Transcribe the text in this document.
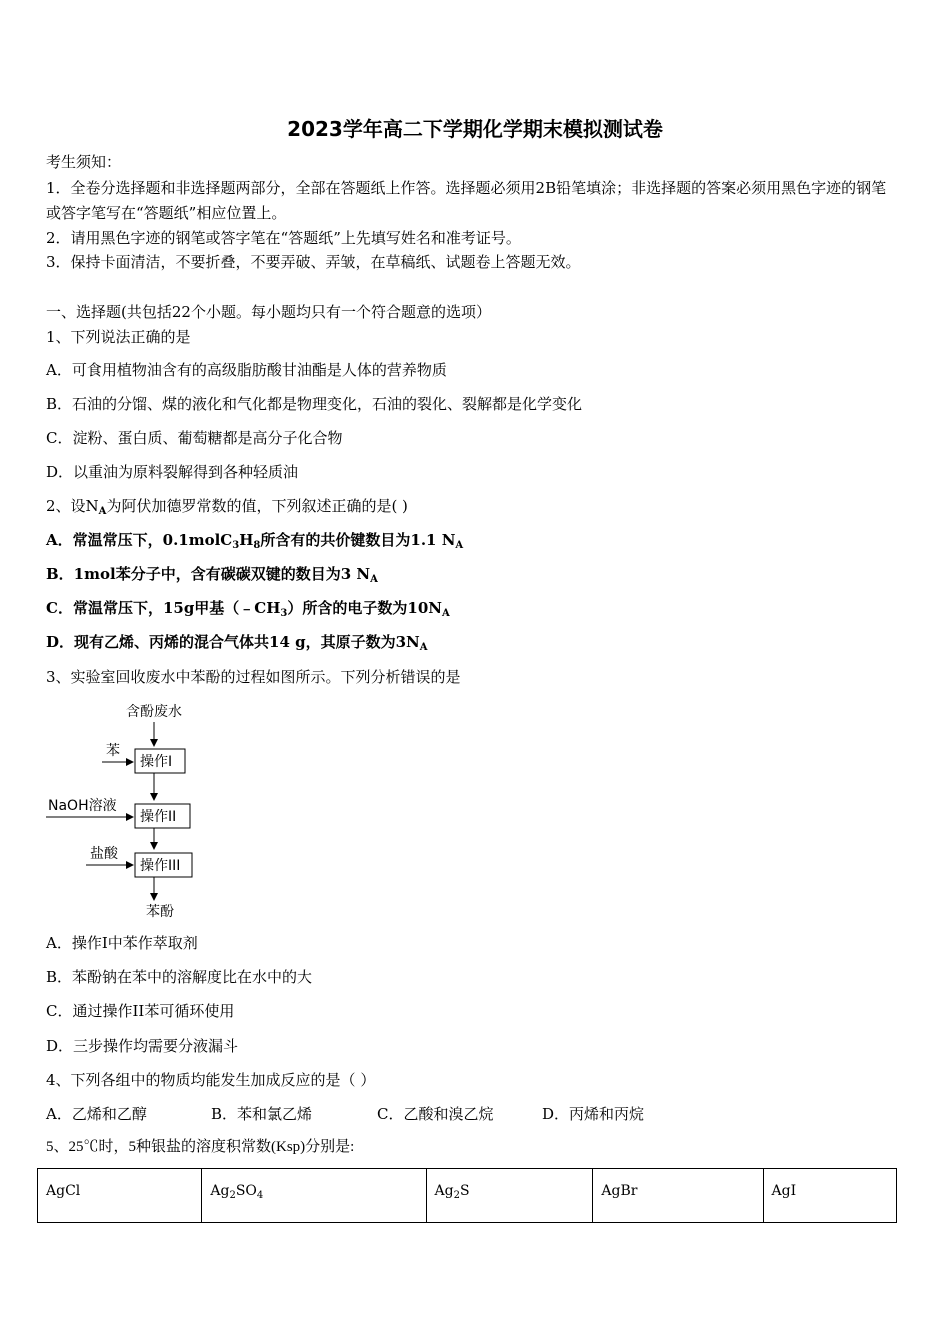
2023学年高二下学期化学期末模拟测试卷
考生须知：
1．全卷分选择题和非选择题两部分，全部在答题纸上作答。选择题必须用2B铅笔填涂；非选择题的答案必须用黑色字迹的钢笔或答字笔写在“答题纸”相应位置上。
2．请用黑色字迹的钢笔或答字笔在“答题纸”上先填写姓名和准考证号。
3．保持卡面清洁，不要折叠，不要弄破、弄皱，在草稿纸、试题卷上答题无效。
一、选择题(共包括22个小题。每小题均只有一个符合题意的选项）
1、下列说法正确的是
A．可食用植物油含有的高级脂肪酸甘油酯是人体的营养物质
B．石油的分馏、煤的液化和气化都是物理变化，石油的裂化、裂解都是化学变化
C．淀粉、蛋白质、葡萄糖都是高分子化合物
D．以重油为原料裂解得到各种轻质油
2、设$N_A$为阿伏加德罗常数的值，下列叙述正确的是( )
A．常温常压下，$0.1molC_3H_8$所含有的共价键数目为1.1 $N_A$
B．1mol苯分子中，含有碳碳双键的数目为3 $N_A$
C．常温常压下，15g甲基$(﹣CH_3)$所含的电子数为$10N_A$
D．现有乙烯、丙烯的混合气体共14 g，其原子数为$3N_A$
3、实验室回收废水中苯酚的过程如图所示。下列分析错误的是
含酚废水
操作I
苯
操作II
NaOH溶液
操作III
盐酸
苯酚
A．操作I中苯作萃取剂
B．苯酚钠在苯中的溶解度比在水中的大
C．通过操作II苯可循环使用
D．三步操作均需要分液漏斗
4、下列各组中的物质均能发生加成反应的是（ ）
A．乙烯和乙醇	B．苯和氯乙烯	C．乙酸和溴乙烷	D．丙烯和丙烷
5、25℃时，5种银盐的溶度积常数(Ksp)分别是:
AgCl	$Ag_2SO_4$	$Ag_2S$	AgBr	AgI
